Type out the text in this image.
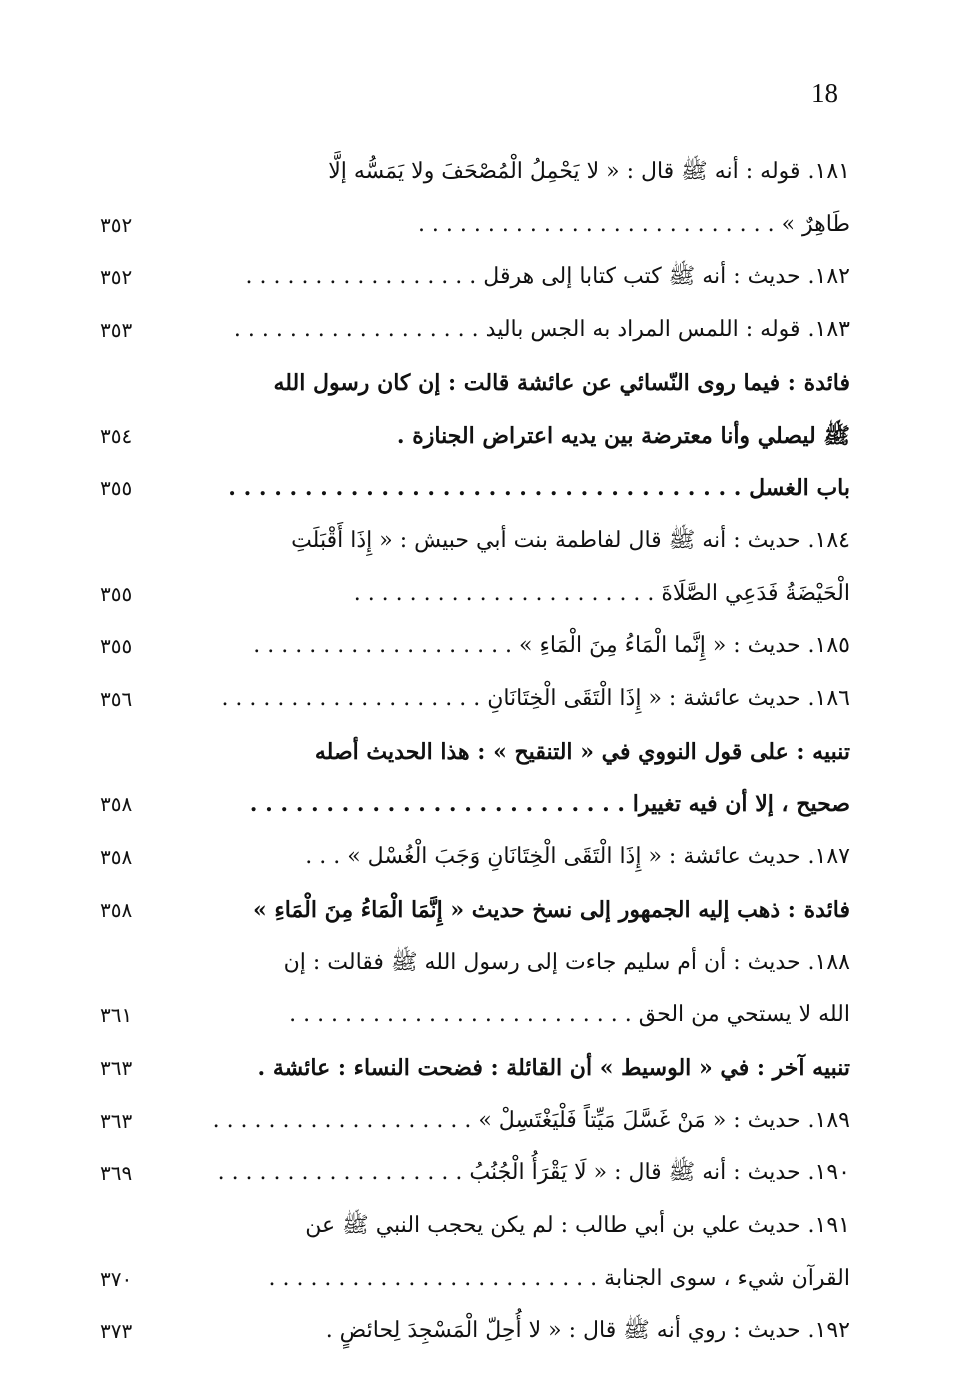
18
١٨١. قوله : أنه ﷺ قال : « لا يَحْمِلُ الْمُصْحَفَ ولا يَمَسُّه إلَّا
طَاهِرٌ » . . . . . . . . . . . . . . . . . . . . . . . . . .
٣٥٢
١٨٢. حديث : أنه ﷺ كتب كتابا إلى هرقل . . . . . . . . . . . . . . . . .
٣٥٢
١٨٣. قوله : اللمس المراد به الجس باليد . . . . . . . . . . . . . . . . . .
٣٥٣
فائدة : فيما روى النّسائي عن عائشة قالت : إن كان رسول الله
ﷺ ليصلي وأنا معترضة بين يديه اعتراض الجنازة .
٣٥٤
باب الغسل . . . . . . . . . . . . . . . . . . . . . . . . . . . . . . . . . .
٣٥٥
١٨٤. حديث : أنه ﷺ قال لفاطمة بنت أبي حبيش : « إِذَا أَقْبَلَتِ
الْحَيْضَةُ فَدَعِي الصَّلَاةَ . . . . . . . . . . . . . . . . . . . . . .
٣٥٥
١٨٥. حديث : « إِنَّما الْمَاءُ مِنَ الْمَاءِ » . . . . . . . . . . . . . . . . . . .
٣٥٥
١٨٦. حديث عائشة : « إِذَا الْتَقَى الْخِتَانَانِ . . . . . . . . . . . . . . . . . . .
٣٥٦
تنبيه : على قول النووي في « التنقيح » : هذا الحديث أصله
صحيح ، إلا أن فيه تغييرا . . . . . . . . . . . . . . . . . . . . . . . . .
٣٥٨
١٨٧. حديث عائشة : « إِذَا الْتَقَى الْخِتَانَانِ وَجَبَ الْغُسْل » . . .
٣٥٨
فائدة : ذهب إليه الجمهور إلى نسخ حديث « إِنَّمَا الْمَاءُ مِنَ الْمَاءِ »
٣٥٨
١٨٨. حديث : أن أم سليم جاءت إلى رسول الله ﷺ فقالت : إن
الله لا يستحي من الحق . . . . . . . . . . . . . . . . . . . . . . . . .
٣٦١
تنبيه آخر : في « الوسيط » أن القائلة : فضحت النساء : عائشة .
٣٦٣
١٨٩. حديث : « مَنْ غَسَّلَ مَيِّتاً فَلْيَغْتَسِلْ » . . . . . . . . . . . . . . . . . . .
٣٦٣
١٩٠. حديث : أنه ﷺ قال : « لَا يَقْرَأُ الْجُنُبُ . . . . . . . . . . . . . . . . . .
٣٦٩
١٩١. حديث علي بن أبي طالب : لم يكن يحجب النبي ﷺ عن
القرآن شيء ، سوى الجنابة . . . . . . . . . . . . . . . . . . . . . . . .
٣٧٠
١٩٢. حديث : روي أنه ﷺ قال : « لا أُحِلّ الْمَسْجِدَ لِحائضٍ .
٣٧٣
